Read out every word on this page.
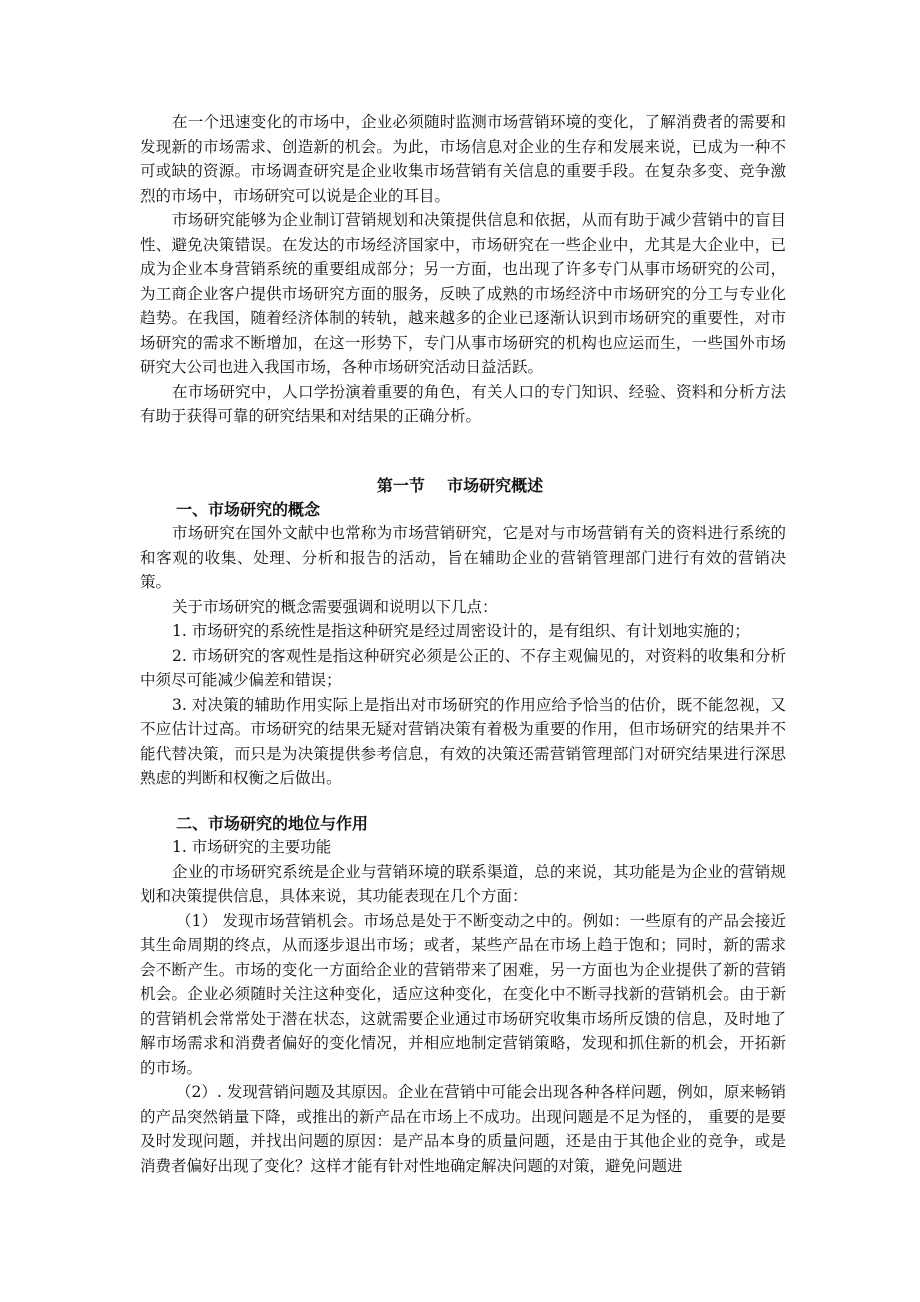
在一个迅速变化的市场中，企业必须随时监测市场营销环境的变化，了解消费者的需要和发现新的市场需求、创造新的机会。为此，市场信息对企业的生存和发展来说，已成为一种不可或缺的资源。市场调查研究是企业收集市场营销有关信息的重要手段。在复杂多变、竞争激烈的市场中，市场研究可以说是企业的耳目。

市场研究能够为企业制订营销规划和决策提供信息和依据，从而有助于减少营销中的盲目性、避免决策错误。在发达的市场经济国家中，市场研究在一些企业中，尤其是大企业中，已成为企业本身营销系统的重要组成部分；另一方面，也出现了许多专门从事市场研究的公司，为工商企业客户提供市场研究方面的服务，反映了成熟的市场经济中市场研究的分工与专业化趋势。在我国，随着经济体制的转轨，越来越多的企业已逐渐认识到市场研究的重要性，对市场研究的需求不断增加，在这一形势下，专门从事市场研究的机构也应运而生，一些国外市场研究大公司也进入我国市场，各种市场研究活动日益活跃。

在市场研究中，人口学扮演着重要的角色，有关人口的专门知识、经验、资料和分析方法有助于获得可靠的研究结果和对结果的正确分析。

第一节    市场研究概述
一、市场研究的概念

市场研究在国外文献中也常称为市场营销研究，它是对与市场营销有关的资料进行系统的和客观的收集、处理、分析和报告的活动，旨在辅助企业的营销管理部门进行有效的营销决策。

关于市场研究的概念需要强调和说明以下几点：

1. 市场研究的系统性是指这种研究是经过周密设计的，是有组织、有计划地实施的；

2. 市场研究的客观性是指这种研究必须是公正的、不存主观偏见的，对资料的收集和分析中须尽可能减少偏差和错误；

3. 对决策的辅助作用实际上是指出对市场研究的作用应给予恰当的估价，既不能忽视，又不应估计过高。市场研究的结果无疑对营销决策有着极为重要的作用，但市场研究的结果并不能代替决策，而只是为决策提供参考信息，有效的决策还需营销管理部门对研究结果进行深思熟虑的判断和权衡之后做出。

二、市场研究的地位与作用

1. 市场研究的主要功能

企业的市场研究系统是企业与营销环境的联系渠道，总的来说，其功能是为企业的营销规划和决策提供信息，具体来说，其功能表现在几个方面：

（1） 发现市场营销机会。市场总是处于不断变动之中的。例如：一些原有的产品会接近其生命周期的终点，从而逐步退出市场；或者，某些产品在市场上趋于饱和；同时，新的需求会不断产生。市场的变化一方面给企业的营销带来了困难，另一方面也为企业提供了新的营销机会。企业必须随时关注这种变化，适应这种变化，在变化中不断寻找新的营销机会。由于新的营销机会常常处于潜在状态，这就需要企业通过市场研究收集市场所反馈的信息，及时地了解市场需求和消费者偏好的变化情况，并相应地制定营销策略，发现和抓住新的机会，开拓新的市场。

（2）. 发现营销问题及其原因。企业在营销中可能会出现各种各样问题，例如，原来畅销的产品突然销量下降，或推出的新产品在市场上不成功。出现问题是不足为怪的， 重要的是要及时发现问题，并找出问题的原因：是产品本身的质量问题，还是由于其他企业的竞争，或是消费者偏好出现了变化？这样才能有针对性地确定解决问题的对策，避免问题进
